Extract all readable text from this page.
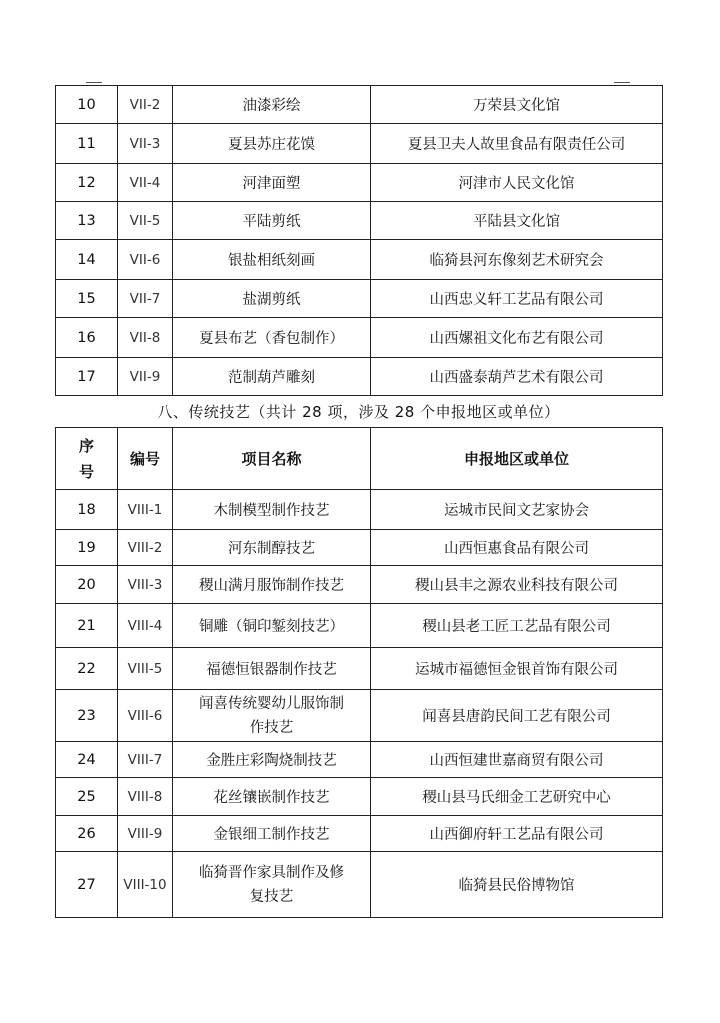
10	VII-2	油漆彩绘	万荣县文化馆
11	VII-3	夏县苏庄花馍	夏县卫夫人故里食品有限责任公司
12	VII-4	河津面塑	河津市人民文化馆
13	VII-5	平陆剪纸	平陆县文化馆
14	VII-6	银盐相纸刻画	临猗县河东像刻艺术研究会
15	VII-7	盐湖剪纸	山西忠义轩工艺品有限公司
16	VII-8	夏县布艺（香包制作）	山西嫘祖文化布艺有限公司
17	VII-9	范制葫芦雕刻	山西盛泰葫芦艺术有限公司
八、传统技艺（共计 28 项，涉及 28 个申报地区或单位）
序
号	编号	项目名称	申报地区或单位
18	VIII-1	木制模型制作技艺	运城市民间文艺家协会
19	VIII-2	河东制醇技艺	山西恒惠食品有限公司
20	VIII-3	稷山满月服饰制作技艺	稷山县丰之源农业科技有限公司
21	VIII-4	铜雕（铜印錾刻技艺）	稷山县老工匠工艺品有限公司
22	VIII-5	福德恒银器制作技艺	运城市福德恒金银首饰有限公司
23	VIII-6	闻喜传统婴幼儿服饰制
作技艺	闻喜县唐韵民间工艺有限公司
24	VIII-7	金胜庄彩陶烧制技艺	山西恒建世嘉商贸有限公司
25	VIII-8	花丝镶嵌制作技艺	稷山县马氏细金工艺研究中心
26	VIII-9	金银细工制作技艺	山西御府轩工艺品有限公司
27	VIII-10	临猗晋作家具制作及修
复技艺	临猗县民俗博物馆
